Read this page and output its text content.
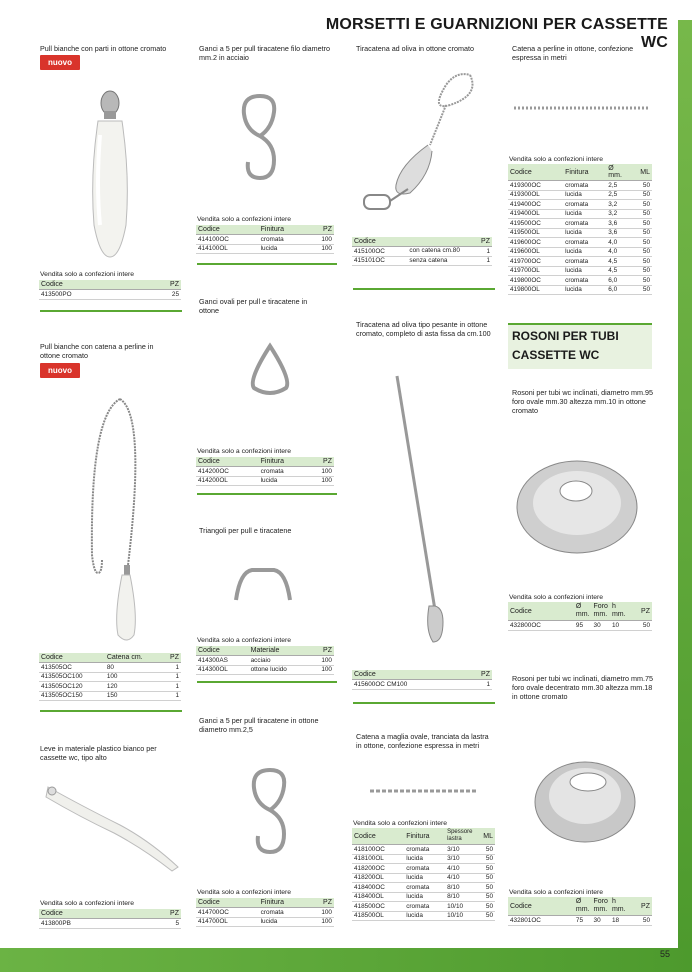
MORSETTI E GUARNIZIONI PER CASSETTE WC
Pull bianche con parti in ottone cromato
nuovo
Vendita solo a confezioni intere
Codice	PZ
413500PO	25
Pull bianche con catena a perline in ottone cromato
nuovo
Codice	Catena cm.	PZ
413505OC	80	1
413505OC100	100	1
413505OC120	120	1
413505OC150	150	1
Leve in materiale plastico bianco per cassette wc, tipo alto
Vendita solo a confezioni intere
Codice	PZ
413800PB	5
Ganci a 5 per pull tiracatene filo diametro mm.2 in acciaio
Vendita solo a confezioni intere
Codice	Finitura	PZ
414100OC	cromata	100
414100OL	lucida	100
Ganci ovali per pull e tiracatene in ottone
Vendita solo a confezioni intere
Codice	Finitura	PZ
414200OC	cromata	100
414200OL	lucida	100
Triangoli per pull e tiracatene
Vendita solo a confezioni intere
Codice	Materiale	PZ
414300AS	acciaio	100
414300OL	ottone lucido	100
Ganci a 5 per pull tiracatene in ottone diametro mm.2,5
Vendita solo a confezioni intere
Codice	Finitura	PZ
414700OC	cromata	100
414700OL	lucida	100
Tiracatena ad oliva in ottone cromato
Codice		PZ
415100OC	con catena cm.80	1
415101OC	senza catena	1
Tiracatena ad oliva tipo pesante in ottone cromato, completo di asta fissa da cm.100
Codice	PZ
415600OC CM100	1
Catena a maglia ovale, tranciata da lastra in ottone, confezione espressa in metri
Vendita solo a confezioni intere
Codice	Finitura	Spessore lastra	ML
418100OC	cromata	3/10	50
418100OL	lucida	3/10	50
418200OC	cromata	4/10	50
418200OL	lucida	4/10	50
418400OC	cromata	8/10	50
418400OL	lucida	8/10	50
418500OC	cromata	10/10	50
418500OL	lucida	10/10	50
Catena a perline in ottone, confezione espressa in metri
Vendita solo a confezioni intere
Codice	Finitura	Ø mm.	ML
419300OC	cromata	2,5	50
419300OL	lucida	2,5	50
419400OC	cromata	3,2	50
419400OL	lucida	3,2	50
419500OC	cromata	3,6	50
419500OL	lucida	3,6	50
419600OC	cromata	4,0	50
419600OL	lucida	4,0	50
419700OC	cromata	4,5	50
419700OL	lucida	4,5	50
419800OC	cromata	6,0	50
419800OL	lucida	6,0	50
ROSONI PER TUBI
CASSETTE WC
Rosoni per tubi wc inclinati, diametro mm.95 foro ovale mm.30 altezza mm.10 in ottone cromato
Vendita solo a confezioni intere
Codice	Ø mm.	Foro mm.	h mm.	PZ
432800OC	95	30	10	50
Rosoni per tubi wc inclinati, diametro mm.75 foro ovale decentrato mm.30 altezza mm.18 in ottone cromato
Vendita solo a confezioni intere
Codice	Ø mm.	Foro mm.	h mm.	PZ
432801OC	75	30	18	50
55
